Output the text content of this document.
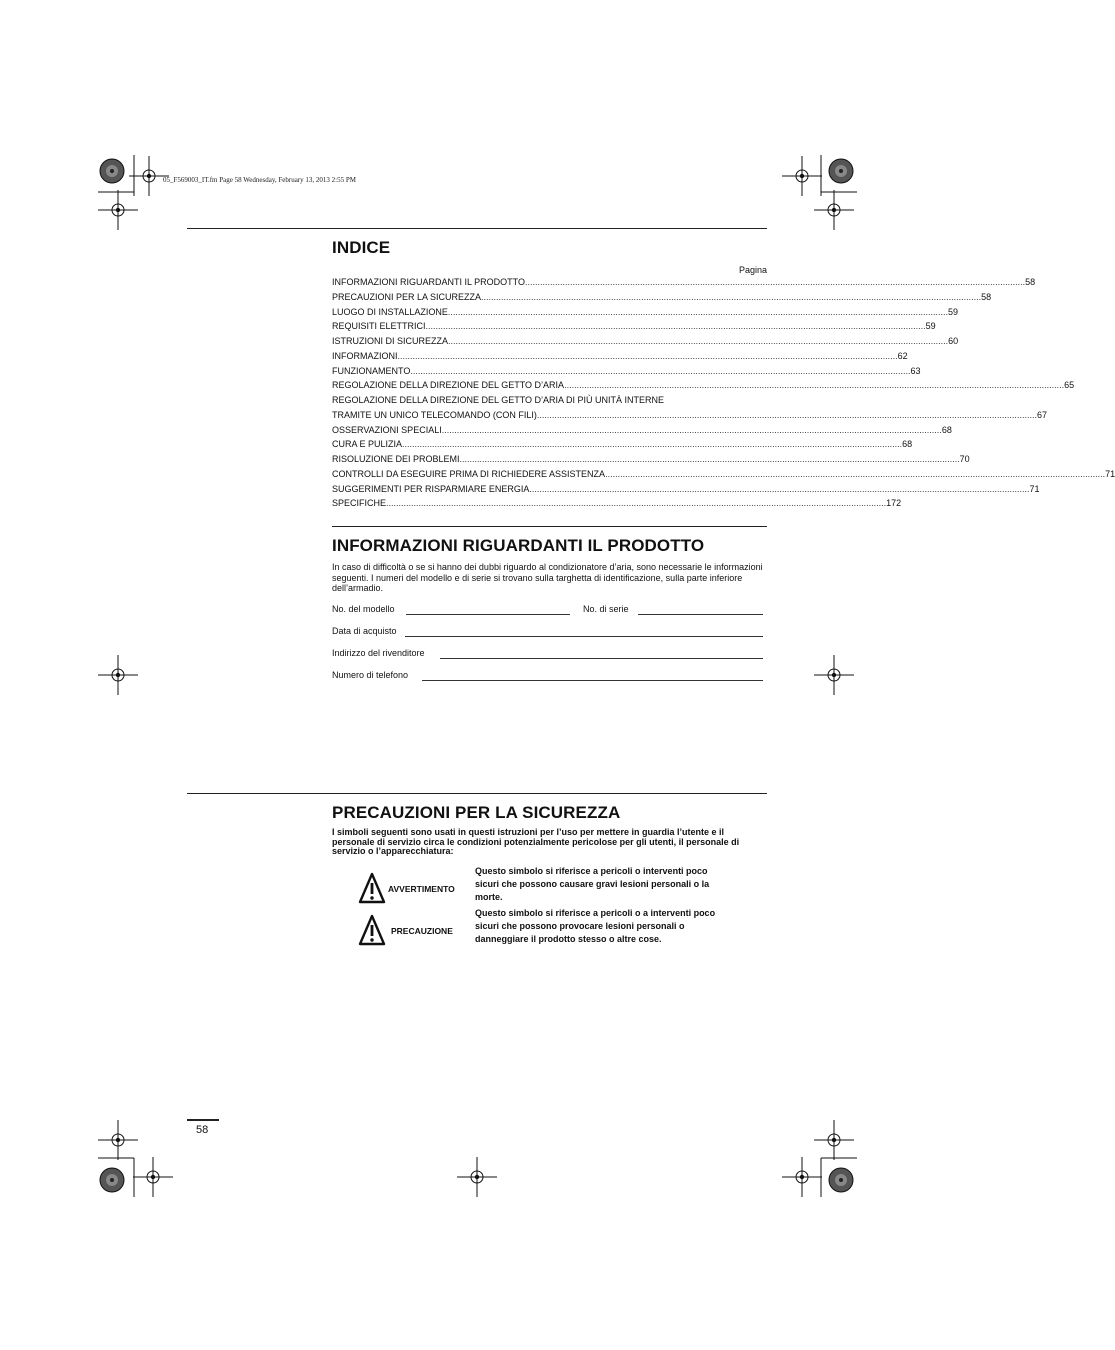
05_F569003_IT.fm Page 58 Wednesday, February 13, 2013 2:55 PM
INDICE
Pagina
INFORMAZIONI RIGUARDANTI IL PRODOTTO ........................................................................................................................................................................................................ 58
PRECAUZIONI PER LA SICUREZZA ........................................................................................................................................................................................................ 58
LUOGO DI INSTALLAZIONE ........................................................................................................................................................................................................ 59
REQUISITI ELETTRICI ........................................................................................................................................................................................................ 59
ISTRUZIONI DI SICUREZZA ........................................................................................................................................................................................................ 60
INFORMAZIONI ........................................................................................................................................................................................................ 62
FUNZIONAMENTO ........................................................................................................................................................................................................ 63
REGOLAZIONE DELLA DIREZIONE DEL GETTO D’ARIA ........................................................................................................................................................................................................ 65
REGOLAZIONE DELLA DIREZIONE DEL GETTO D’ARIA DI PIÙ UNITÀ INTERNE
TRAMITE UN UNICO TELECOMANDO (CON FILI) ........................................................................................................................................................................................................ 67
OSSERVAZIONI SPECIALI ........................................................................................................................................................................................................ 68
CURA E PULIZIA ........................................................................................................................................................................................................ 68
RISOLUZIONE DEI PROBLEMI ........................................................................................................................................................................................................ 70
CONTROLLI DA ESEGUIRE PRIMA DI RICHIEDERE ASSISTENZA ........................................................................................................................................................................................................ 71
SUGGERIMENTI PER RISPARMIARE ENERGIA ........................................................................................................................................................................................................ 71
SPECIFICHE ........................................................................................................................................................................................................ 172
INFORMAZIONI RIGUARDANTI IL PRODOTTO
In caso di difficoltà o se si hanno dei dubbi riguardo al condizionatore d’aria, sono necessarie le informazioni seguenti. I numeri del modello e di serie si trovano sulla targhetta di identificazione, sulla parte inferiore dell’armadio.
No. del modello	No. di serie
Data di acquisto
Indirizzo del rivenditore
Numero di telefono
PRECAUZIONI PER LA SICUREZZA
I simboli seguenti sono usati in questi istruzioni per l’uso per mettere in guardia l’utente e il personale di servizio circa le condizioni potenzialmente pericolose per gli utenti, il personale di servizio o l’apparecchiatura:
AVVERTIMENTO
Questo simbolo si riferisce a pericoli o interventi poco sicuri che possono causare gravi lesioni personali o la morte.
PRECAUZIONE
Questo simbolo si riferisce a pericoli o a interventi poco sicuri che possono provocare lesioni personali o danneggiare il prodotto stesso o altre cose.
58
